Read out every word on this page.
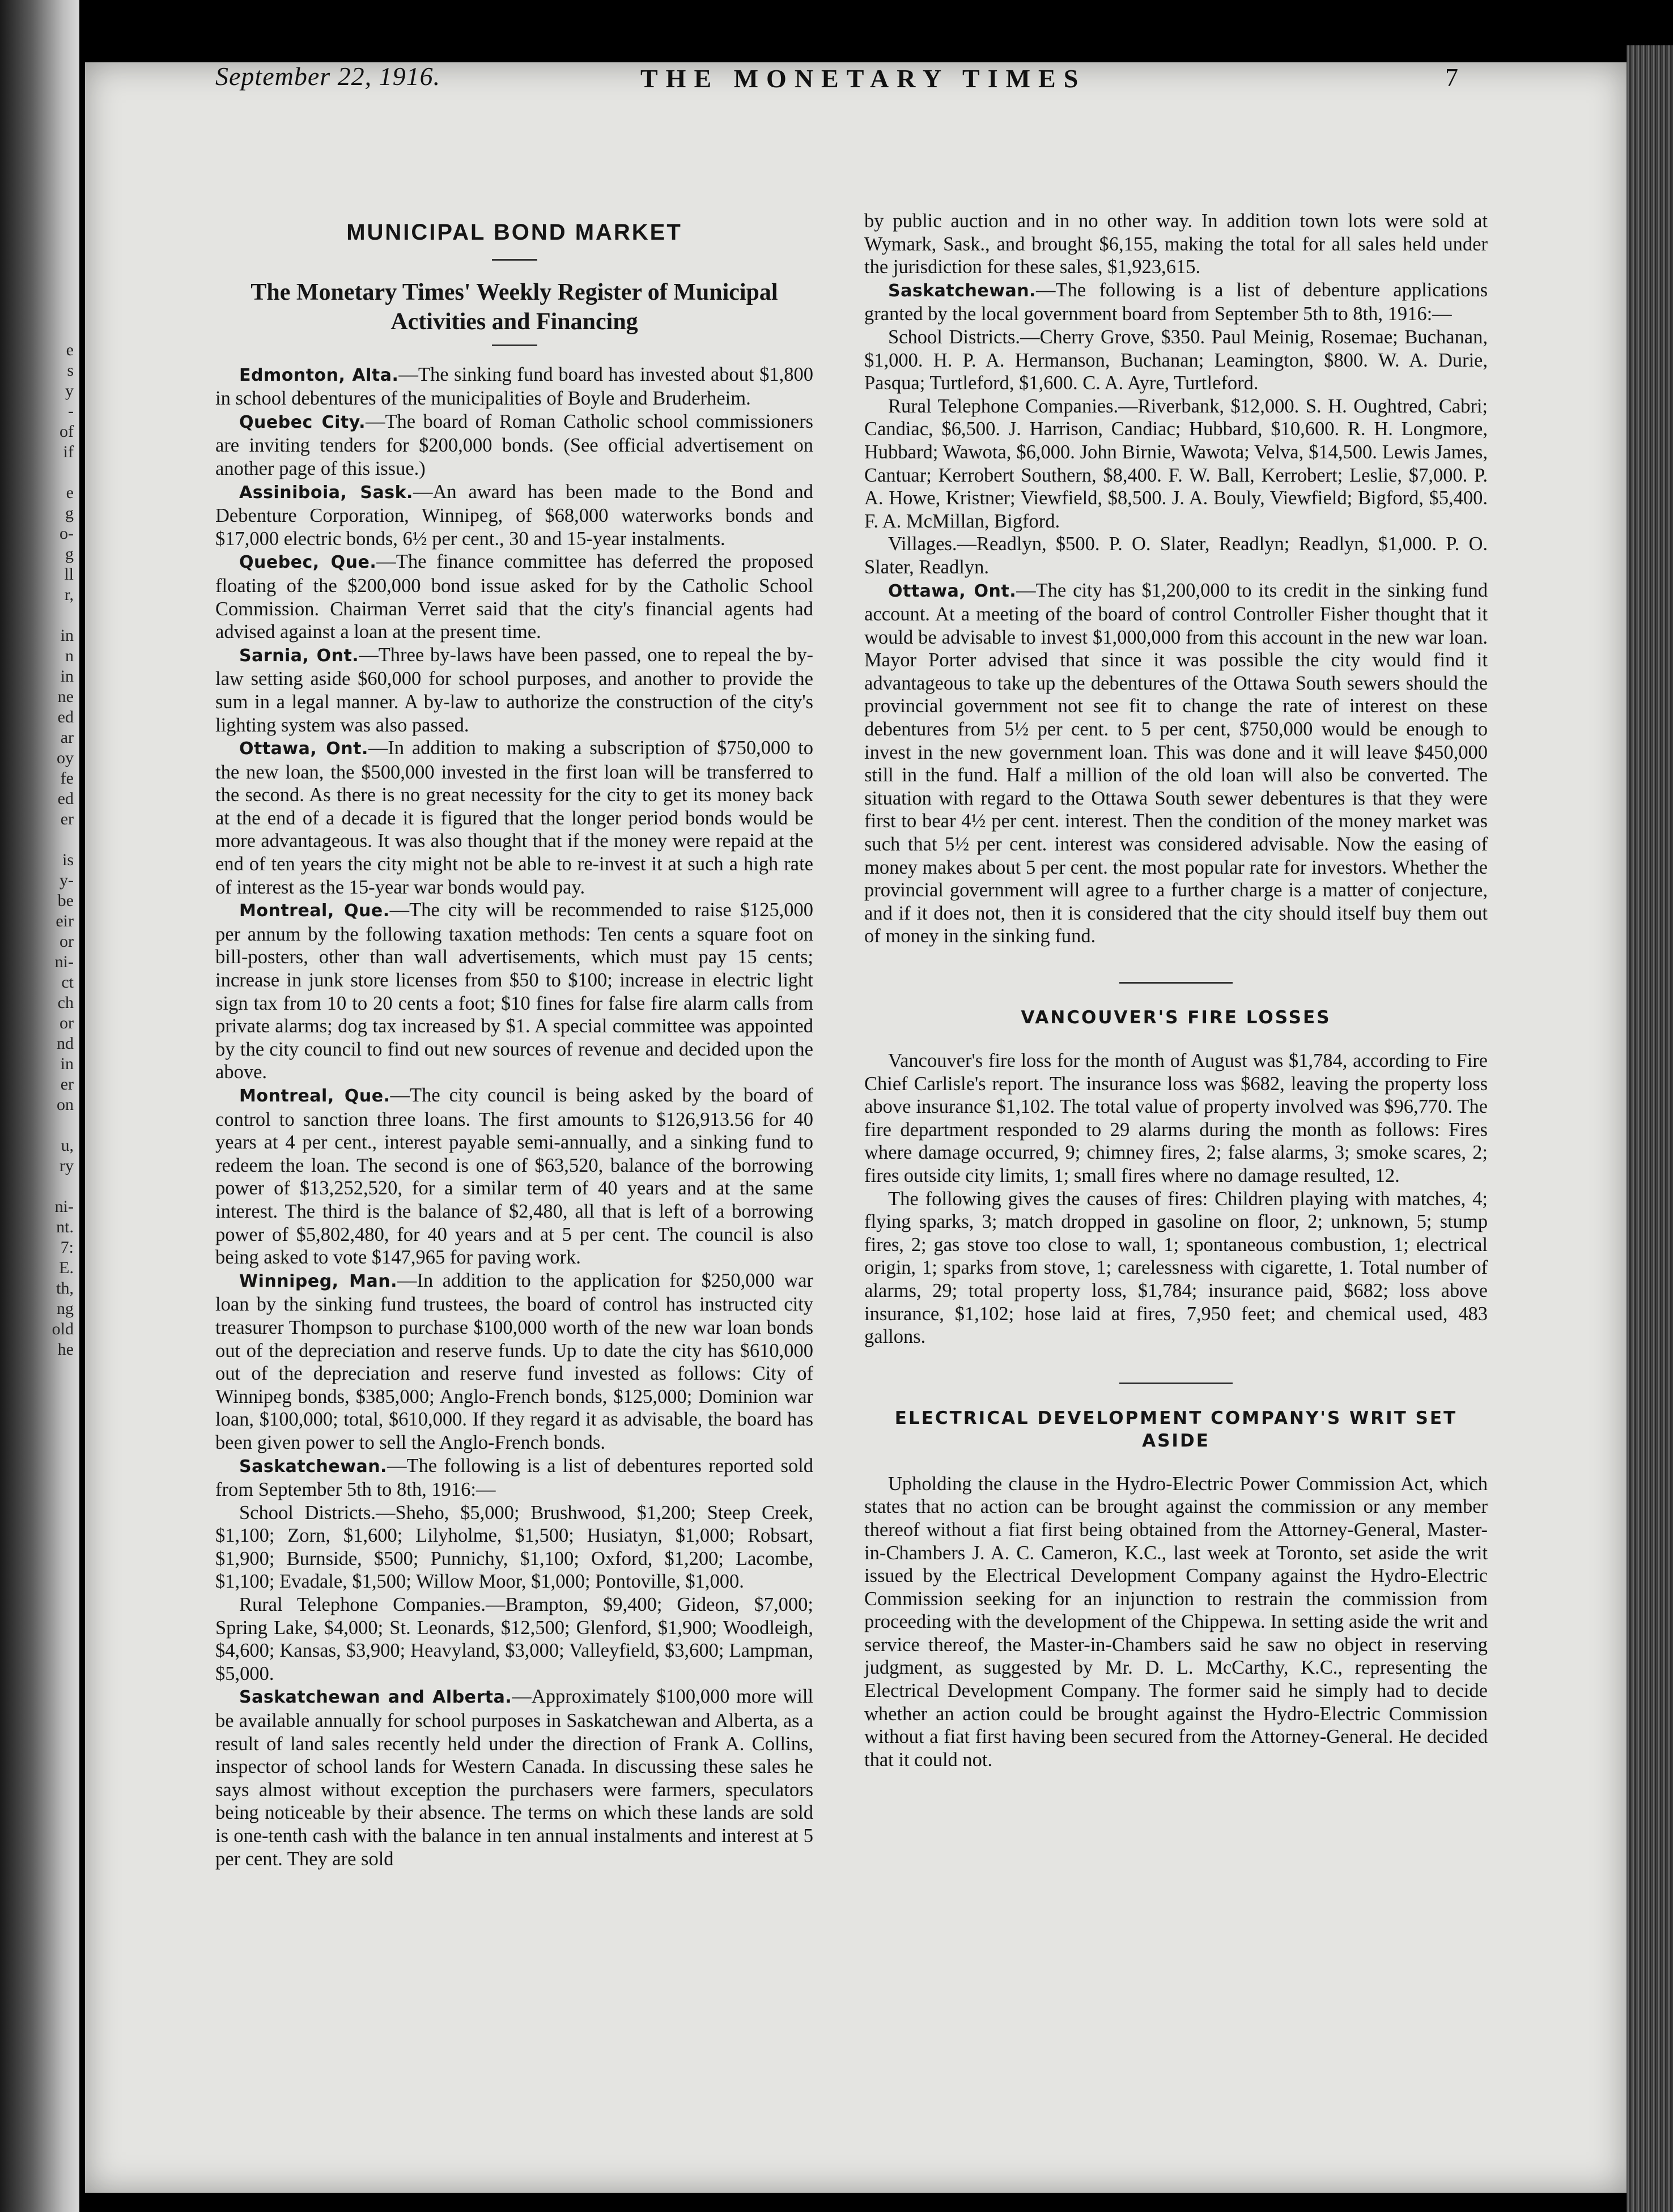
e
s
y
-
of
if
e
g
o-
g
ll
r,
in
n
in
ne
ed
ar
oy
fe
ed
er
is
y-
be
eir
or
ni-
ct
ch
or
nd
in
er
on
u,
ry
ni-
nt.
7:
E.
th,
ng
old
he
September 22, 1916.	THE MONETARY TIMES	7
MUNICIPAL BOND MARKET
The Monetary Times' Weekly Register of Municipal Activities and Financing

Edmonton, Alta.—The sinking fund board has invested about $1,800 in school debentures of the municipalities of Boyle and Bruderheim.

Quebec City.—The board of Roman Catholic school commissioners are inviting tenders for $200,000 bonds. (See official advertisement on another page of this issue.)

Assiniboia, Sask.—An award has been made to the Bond and Debenture Corporation, Winnipeg, of $68,000 waterworks bonds and $17,000 electric bonds, 6½ per cent., 30 and 15-year instalments.

Quebec, Que.—The finance committee has deferred the proposed floating of the $200,000 bond issue asked for by the Catholic School Commission. Chairman Verret said that the city's financial agents had advised against a loan at the present time.

Sarnia, Ont.—Three by-laws have been passed, one to repeal the by-law setting aside $60,000 for school purposes, and another to provide the sum in a legal manner. A by-law to authorize the construction of the city's lighting system was also passed.

Ottawa, Ont.—In addition to making a subscription of $750,000 to the new loan, the $500,000 invested in the first loan will be transferred to the second. As there is no great necessity for the city to get its money back at the end of a decade it is figured that the longer period bonds would be more advantageous. It was also thought that if the money were repaid at the end of ten years the city might not be able to re-invest it at such a high rate of interest as the 15-year war bonds would pay.

Montreal, Que.—The city will be recommended to raise $125,000 per annum by the following taxation methods: Ten cents a square foot on bill-posters, other than wall advertisements, which must pay 15 cents; increase in junk store licenses from $50 to $100; increase in electric light sign tax from 10 to 20 cents a foot; $10 fines for false fire alarm calls from private alarms; dog tax increased by $1. A special committee was appointed by the city council to find out new sources of revenue and decided upon the above.

Montreal, Que.—The city council is being asked by the board of control to sanction three loans. The first amounts to $126,913.56 for 40 years at 4 per cent., interest payable semi-annually, and a sinking fund to redeem the loan. The second is one of $63,520, balance of the borrowing power of $13,252,520, for a similar term of 40 years and at the same interest. The third is the balance of $2,480, all that is left of a borrowing power of $5,802,480, for 40 years and at 5 per cent. The council is also being asked to vote $147,965 for paving work.

Winnipeg, Man.—In addition to the application for $250,000 war loan by the sinking fund trustees, the board of control has instructed city treasurer Thompson to purchase $100,000 worth of the new war loan bonds out of the depreciation and reserve funds. Up to date the city has $610,000 out of the depreciation and reserve fund invested as follows: City of Winnipeg bonds, $385,000; Anglo-French bonds, $125,000; Dominion war loan, $100,000; total, $610,000. If they regard it as advisable, the board has been given power to sell the Anglo-French bonds.

Saskatchewan.—The following is a list of debentures reported sold from September 5th to 8th, 1916:—

School Districts.—Sheho, $5,000; Brushwood, $1,200; Steep Creek, $1,100; Zorn, $1,600; Lilyholme, $1,500; Husiatyn, $1,000; Robsart, $1,900; Burnside, $500; Punnichy, $1,100; Oxford, $1,200; Lacombe, $1,100; Evadale, $1,500; Willow Moor, $1,000; Pontoville, $1,000.

Rural Telephone Companies.—Brampton, $9,400; Gideon, $7,000; Spring Lake, $4,000; St. Leonards, $12,500; Glenford, $1,900; Woodleigh, $4,600; Kansas, $3,900; Heavyland, $3,000; Valleyfield, $3,600; Lampman, $5,000.

Saskatchewan and Alberta.—Approximately $100,000 more will be available annually for school purposes in Saskatchewan and Alberta, as a result of land sales recently held under the direction of Frank A. Collins, inspector of school lands for Western Canada. In discussing these sales he says almost without exception the purchasers were farmers, speculators being noticeable by their absence. The terms on which these lands are sold is one-tenth cash with the balance in ten annual instalments and interest at 5 per cent. They are sold

by public auction and in no other way. In addition town lots were sold at Wymark, Sask., and brought $6,155, making the total for all sales held under the jurisdiction for these sales, $1,923,615.

Saskatchewan.—The following is a list of debenture applications granted by the local government board from September 5th to 8th, 1916:—

School Districts.—Cherry Grove, $350. Paul Meinig, Rosemae; Buchanan, $1,000. H. P. A. Hermanson, Buchanan; Leamington, $800. W. A. Durie, Pasqua; Turtleford, $1,600. C. A. Ayre, Turtleford.

Rural Telephone Companies.—Riverbank, $12,000. S. H. Oughtred, Cabri; Candiac, $6,500. J. Harrison, Candiac; Hubbard, $10,600. R. H. Longmore, Hubbard; Wawota, $6,000. John Birnie, Wawota; Velva, $14,500. Lewis James, Cantuar; Kerrobert Southern, $8,400. F. W. Ball, Kerrobert; Leslie, $7,000. P. A. Howe, Kristner; Viewfield, $8,500. J. A. Bouly, Viewfield; Bigford, $5,400. F. A. McMillan, Bigford.

Villages.—Readlyn, $500. P. O. Slater, Readlyn; Readlyn, $1,000. P. O. Slater, Readlyn.

Ottawa, Ont.—The city has $1,200,000 to its credit in the sinking fund account. At a meeting of the board of control Controller Fisher thought that it would be advisable to invest $1,000,000 from this account in the new war loan. Mayor Porter advised that since it was possible the city would find it advantageous to take up the debentures of the Ottawa South sewers should the provincial government not see fit to change the rate of interest on these debentures from 5½ per cent. to 5 per cent, $750,000 would be enough to invest in the new government loan. This was done and it will leave $450,000 still in the fund. Half a million of the old loan will also be converted. The situation with regard to the Ottawa South sewer debentures is that they were first to bear 4½ per cent. interest. Then the condition of the money market was such that 5½ per cent. interest was considered advisable. Now the easing of money makes about 5 per cent. the most popular rate for investors. Whether the provincial government will agree to a further charge is a matter of conjecture, and if it does not, then it is considered that the city should itself buy them out of money in the sinking fund.

VANCOUVER'S FIRE LOSSES

Vancouver's fire loss for the month of August was $1,784, according to Fire Chief Carlisle's report. The insurance loss was $682, leaving the property loss above insurance $1,102. The total value of property involved was $96,770. The fire department responded to 29 alarms during the month as follows: Fires where damage occurred, 9; chimney fires, 2; false alarms, 3; smoke scares, 2; fires outside city limits, 1; small fires where no damage resulted, 12.

The following gives the causes of fires: Children playing with matches, 4; flying sparks, 3; match dropped in gasoline on floor, 2; unknown, 5; stump fires, 2; gas stove too close to wall, 1; spontaneous combustion, 1; electrical origin, 1; sparks from stove, 1; carelessness with cigarette, 1. Total number of alarms, 29; total property loss, $1,784; insurance paid, $682; loss above insurance, $1,102; hose laid at fires, 7,950 feet; and chemical used, 483 gallons.

ELECTRICAL DEVELOPMENT COMPANY'S WRIT SET ASIDE

Upholding the clause in the Hydro-Electric Power Commission Act, which states that no action can be brought against the commission or any member thereof without a fiat first being obtained from the Attorney-General, Master-in-Chambers J. A. C. Cameron, K.C., last week at Toronto, set aside the writ issued by the Electrical Development Company against the Hydro-Electric Commission seeking for an injunction to restrain the commission from proceeding with the development of the Chippewa. In setting aside the writ and service thereof, the Master-in-Chambers said he saw no object in reserving judgment, as suggested by Mr. D. L. McCarthy, K.C., representing the Electrical Development Company. The former said he simply had to decide whether an action could be brought against the Hydro-Electric Commission without a fiat first having been secured from the Attorney-General. He decided that it could not.
